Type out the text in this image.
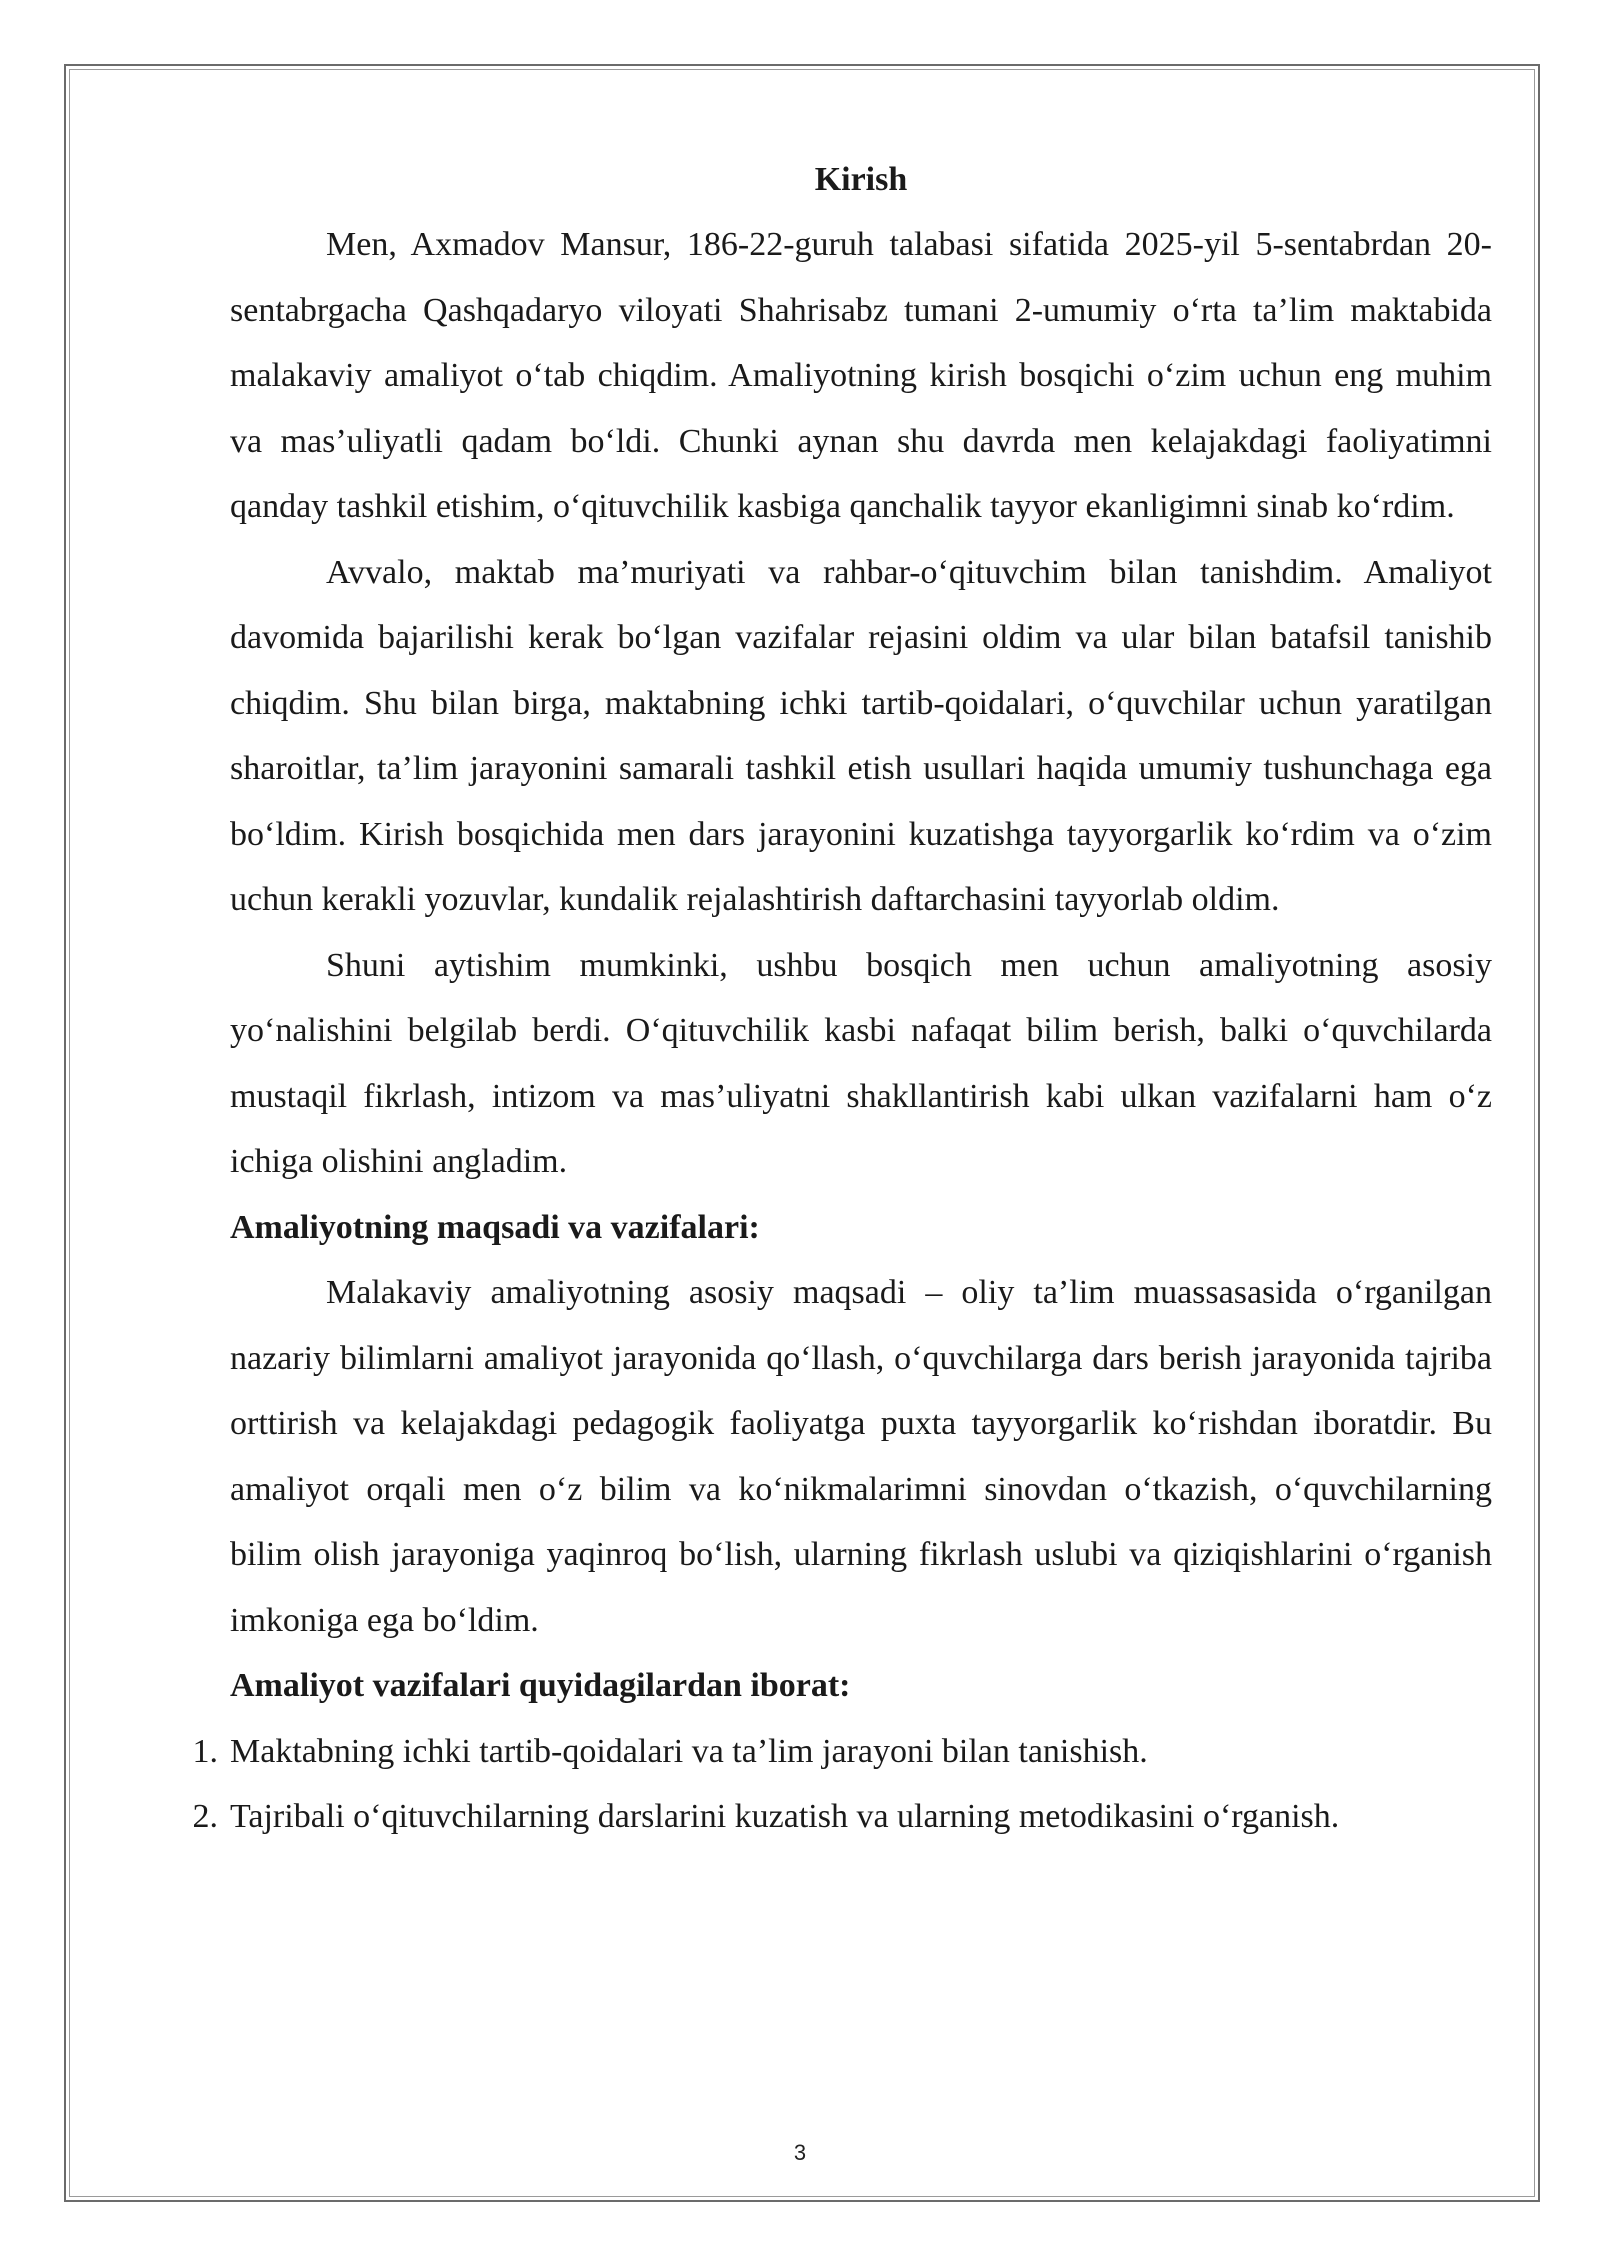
Kirish

Men, Axmadov Mansur, 186-22-guruh talabasi sifatida 2025-yil 5-sentabrdan 20-sentabrgacha Qashqadaryo viloyati Shahrisabz tumani 2-umumiy o‘rta ta’lim maktabida malakaviy amaliyot o‘tab chiqdim. Amaliyotning kirish bosqichi o‘zim uchun eng muhim va mas’uliyatli qadam bo‘ldi. Chunki aynan shu davrda men kelajakdagi faoliyatimni qanday tashkil etishim, o‘qituvchilik kasbiga qanchalik tayyor ekanligimni sinab ko‘rdim.

Avvalo, maktab ma’muriyati va rahbar-o‘qituvchim bilan tanishdim. Amaliyot davomida bajarilishi kerak bo‘lgan vazifalar rejasini oldim va ular bilan batafsil tanishib chiqdim. Shu bilan birga, maktabning ichki tartib-qoidalari, o‘quvchilar uchun yaratilgan sharoitlar, ta’lim jarayonini samarali tashkil etish usullari haqida umumiy tushunchaga ega bo‘ldim. Kirish bosqichida men dars jarayonini kuzatishga tayyorgarlik ko‘rdim va o‘zim uchun kerakli yozuvlar, kundalik rejalashtirish daftarchasini tayyorlab oldim.

Shuni aytishim mumkinki, ushbu bosqich men uchun amaliyotning asosiy yo‘nalishini belgilab berdi. O‘qituvchilik kasbi nafaqat bilim berish, balki o‘quvchilarda mustaqil fikrlash, intizom va mas’uliyatni shakllantirish kabi ulkan vazifalarni ham o‘z ichiga olishini angladim.

Amaliyotning maqsadi va vazifalari:

Malakaviy amaliyotning asosiy maqsadi – oliy ta’lim muassasasida o‘rganilgan nazariy bilimlarni amaliyot jarayonida qo‘llash, o‘quvchilarga dars berish jarayonida tajriba orttirish va kelajakdagi pedagogik faoliyatga puxta tayyorgarlik ko‘rishdan iboratdir. Bu amaliyot orqali men o‘z bilim va ko‘nikmalarimni sinovdan o‘tkazish, o‘quvchilarning bilim olish jarayoniga yaqinroq bo‘lish, ularning fikrlash uslubi va qiziqishlarini o‘rganish imkoniga ega bo‘ldim.

Amaliyot vazifalari quyidagilardan iborat:

1. Maktabning ichki tartib-qoidalari va ta’lim jarayoni bilan tanishish.
2. Tajribali o‘qituvchilarning darslarini kuzatish va ularning metodikasini o‘rganish.
3
